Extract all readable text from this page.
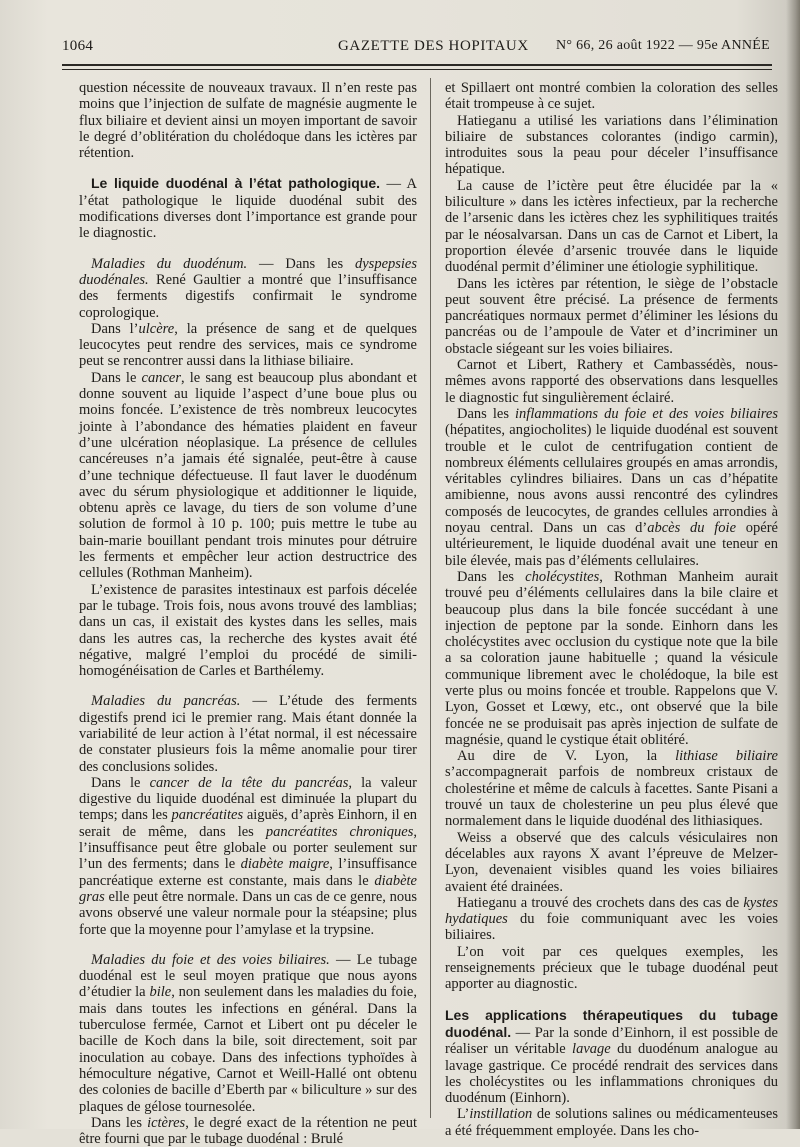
1064	GAZETTE DES HOPITAUX N° 66, 26 août 1922 — 95e ANNÉE

question nécessite de nouveaux travaux. Il n’en reste pas moins que l’injection de sulfate de magnésie augmente le flux biliaire et devient ainsi un moyen important de savoir le degré d’oblitération du cholédoque dans les ictères par rétention.

Le liquide duodénal à l’état pathologique. — A l’état pathologique le liquide duodénal subit des modifications diverses dont l’importance est grande pour le diagnostic.

Maladies du duodénum. — Dans les dyspepsies duodénales. René Gaultier a montré que l’insuffisance des ferments digestifs confirmait le syndrome coprologique.

Dans l’ulcère, la présence de sang et de quelques leucocytes peut rendre des services, mais ce syndrome peut se rencontrer aussi dans la lithiase biliaire.

Dans le cancer, le sang est beaucoup plus abondant et donne souvent au liquide l’aspect d’une boue plus ou moins foncée. L’existence de très nombreux leucocytes jointe à l’abondance des hématies plaident en faveur d’une ulcération néoplasique. La présence de cellules cancéreuses n’a jamais été signalée, peut-être à cause d’une technique défectueuse. Il faut laver le duodénum avec du sérum physiologique et additionner le liquide, obtenu après ce lavage, du tiers de son volume d’une solution de formol à 10 p. 100; puis mettre le tube au bain-marie bouillant pendant trois minutes pour détruire les ferments et empêcher leur action destructrice des cellules (Rothman Manheim).

L’existence de parasites intestinaux est parfois décelée par le tubage. Trois fois, nous avons trouvé des lamblias; dans un cas, il existait des kystes dans les selles, mais dans les autres cas, la recherche des kystes avait été négative, malgré l’emploi du procédé de simili-homogénéisation de Carles et Barthélemy.

Maladies du pancréas. — L’étude des ferments digestifs prend ici le premier rang. Mais étant donnée la variabilité de leur action à l’état normal, il est nécessaire de constater plusieurs fois la même anomalie pour tirer des conclusions solides.

Dans le cancer de la tête du pancréas, la valeur digestive du liquide duodénal est diminuée la plupart du temps; dans les pancréatites aiguës, d’après Einhorn, il en serait de même, dans les pancréatites chroniques, l’insuffisance peut être globale ou porter seulement sur l’un des ferments; dans le diabète maigre, l’insuffisance pancréatique externe est constante, mais dans le diabète gras elle peut être normale. Dans un cas de ce genre, nous avons observé une valeur normale pour la stéapsine; plus forte que la moyenne pour l’amylase et la trypsine.

Maladies du foie et des voies biliaires. — Le tubage duodénal est le seul moyen pratique que nous ayons d’étudier la bile, non seulement dans les maladies du foie, mais dans toutes les infections en général. Dans la tuberculose fermée, Carnot et Libert ont pu déceler le bacille de Koch dans la bile, soit directement, soit par inoculation au cobaye. Dans des infections typhoïdes à hémoculture négative, Carnot et Weill-Hallé ont obtenu des colonies de bacille d’Eberth par « biliculture » sur des plaques de gélose tournesolée.

Dans les ictères, le degré exact de la rétention ne peut être fourni que par le tubage duodénal : Brulé

et Spillaert ont montré combien la coloration des selles était trompeuse à ce sujet.

Hatieganu a utilisé les variations dans l’élimination biliaire de substances colorantes (indigo carmin), introduites sous la peau pour déceler l’insuffisance hépatique.

La cause de l’ictère peut être élucidée par la « biliculture » dans les ictères infectieux, par la recherche de l’arsenic dans les ictères chez les syphilitiques traités par le néosalvarsan. Dans un cas de Carnot et Libert, la proportion élevée d’arsenic trouvée dans le liquide duodénal permit d’éliminer une étiologie syphilitique.

Dans les ictères par rétention, le siège de l’obstacle peut souvent être précisé. La présence de ferments pancréatiques normaux permet d’éliminer les lésions du pancréas ou de l’ampoule de Vater et d’incriminer un obstacle siégeant sur les voies biliaires.

Carnot et Libert, Rathery et Cambassédès, nous-mêmes avons rapporté des observations dans lesquelles le diagnostic fut singulièrement éclairé.

Dans les inflammations du foie et des voies biliaires (hépatites, angiocholites) le liquide duodénal est souvent trouble et le culot de centrifugation contient de nombreux éléments cellulaires groupés en amas arrondis, véritables cylindres biliaires. Dans un cas d’hépatite amibienne, nous avons aussi rencontré des cylindres composés de leucocytes, de grandes cellules arrondies à noyau central. Dans un cas d’abcès du foie opéré ultérieurement, le liquide duodénal avait une teneur en bile élevée, mais pas d’éléments cellulaires.

Dans les cholécystites, Rothman Manheim aurait trouvé peu d’éléments cellulaires dans la bile claire et beaucoup plus dans la bile foncée succédant à une injection de peptone par la sonde. Einhorn dans les cholécystites avec occlusion du cystique note que la bile a sa coloration jaune habituelle ; quand la vésicule communique librement avec le cholédoque, la bile est verte plus ou moins foncée et trouble. Rappelons que V. Lyon, Gosset et Lœwy, etc., ont observé que la bile foncée ne se produisait pas après injection de sulfate de magnésie, quand le cystique était oblitéré.

Au dire de V. Lyon, la lithiase biliaire s’accompagnerait parfois de nombreux cristaux de cholestérine et même de calculs à facettes. Sante Pisani a trouvé un taux de cholesterine un peu plus élevé que normalement dans le liquide duodénal des lithiasiques.

Weiss a observé que des calculs vésiculaires non décelables aux rayons X avant l’épreuve de Melzer-Lyon, devenaient visibles quand les voies biliaires avaient été drainées.

Hatieganu a trouvé des crochets dans des cas de kystes hydatiques du foie communiquant avec les voies biliaires.

L’on voit par ces quelques exemples, les renseignements précieux que le tubage duodénal peut apporter au diagnostic.

Les applications thérapeutiques du tubage duodénal. — Par la sonde d’Einhorn, il est possible de réaliser un véritable lavage du duodénum analogue au lavage gastrique. Ce procédé rendrait des services dans les cholécystites ou les inflammations chroniques du duodénum (Einhorn).

L’instillation de solutions salines ou médicamenteuses a été fréquemment employée. Dans les cho-
